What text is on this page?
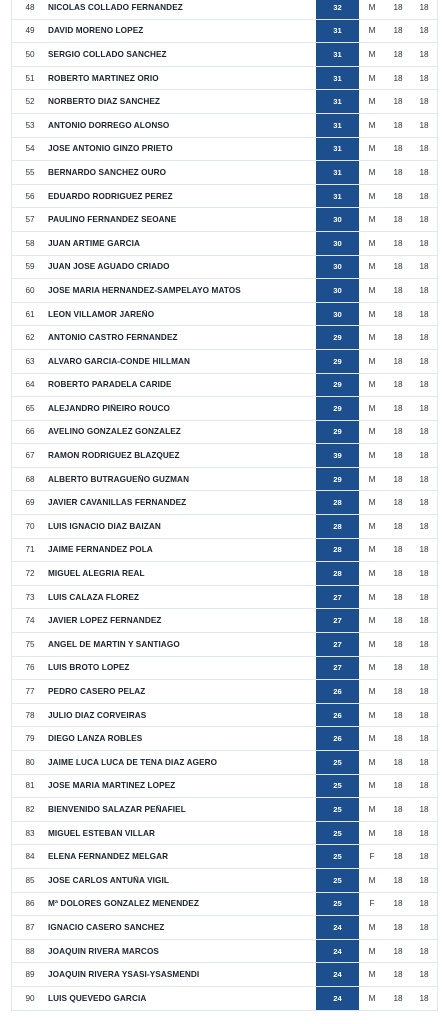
48	NICOLAS COLLADO FERNANDEZ	32	M	18	18
49	DAVID MORENO LOPEZ	31	M	18	18
50	SERGIO COLLADO SANCHEZ	31	M	18	18
51	ROBERTO MARTINEZ ORIO	31	M	18	18
52	NORBERTO DIAZ SANCHEZ	31	M	18	18
53	ANTONIO DORREGO ALONSO	31	M	18	18
54	JOSE ANTONIO GINZO PRIETO	31	M	18	18
55	BERNARDO SANCHEZ OURO	31	M	18	18
56	EDUARDO RODRIGUEZ PEREZ	31	M	18	18
57	PAULINO FERNANDEZ SEOANE	30	M	18	18
58	JUAN ARTIME GARCIA	30	M	18	18
59	JUAN JOSE AGUADO CRIADO	30	M	18	18
60	JOSE MARIA HERNANDEZ-SAMPELAYO MATOS	30	M	18	18
61	LEON VILLAMOR JAREÑO	30	M	18	18
62	ANTONIO CASTRO FERNANDEZ	29	M	18	18
63	ALVARO GARCIA-CONDE HILLMAN	29	M	18	18
64	ROBERTO PARADELA CARIDE	29	M	18	18
65	ALEJANDRO PIÑEIRO ROUCO	29	M	18	18
66	AVELINO GONZALEZ GONZALEZ	29	M	18	18
67	RAMON RODRIGUEZ BLAZQUEZ	39	M	18	18
68	ALBERTO BUTRAGUEÑO GUZMAN	29	M	18	18
69	JAVIER CAVANILLAS FERNANDEZ	28	M	18	18
70	LUIS IGNACIO DIAZ BAIZAN	28	M	18	18
71	JAIME FERNANDEZ POLA	28	M	18	18
72	MIGUEL ALEGRIA REAL	28	M	18	18
73	LUIS CALAZA FLOREZ	27	M	18	18
74	JAVIER LOPEZ FERNANDEZ	27	M	18	18
75	ANGEL DE MARTIN Y SANTIAGO	27	M	18	18
76	LUIS BROTO LOPEZ	27	M	18	18
77	PEDRO CASERO PELAZ	26	M	18	18
78	JULIO DIAZ CORVEIRAS	26	M	18	18
79	DIEGO LANZA ROBLES	26	M	18	18
80	JAIME LUCA LUCA DE TENA DIAZ AGERO	25	M	18	18
81	JOSE MARIA MARTINEZ LOPEZ	25	M	18	18
82	BIENVENIDO SALAZAR PEÑAFIEL	25	M	18	18
83	MIGUEL ESTEBAN VILLAR	25	M	18	18
84	ELENA FERNANDEZ MELGAR	25	F	18	18
85	JOSE CARLOS ANTUÑA VIGIL	25	M	18	18
86	Mª DOLORES GONZALEZ MENENDEZ	25	F	18	18
87	IGNACIO CASERO SANCHEZ	24	M	18	18
88	JOAQUIN RIVERA MARCOS	24	M	18	18
89	JOAQUIN RIVERA YSASI-YSASMENDI	24	M	18	18
90	LUIS QUEVEDO GARCIA	24	M	18	18
